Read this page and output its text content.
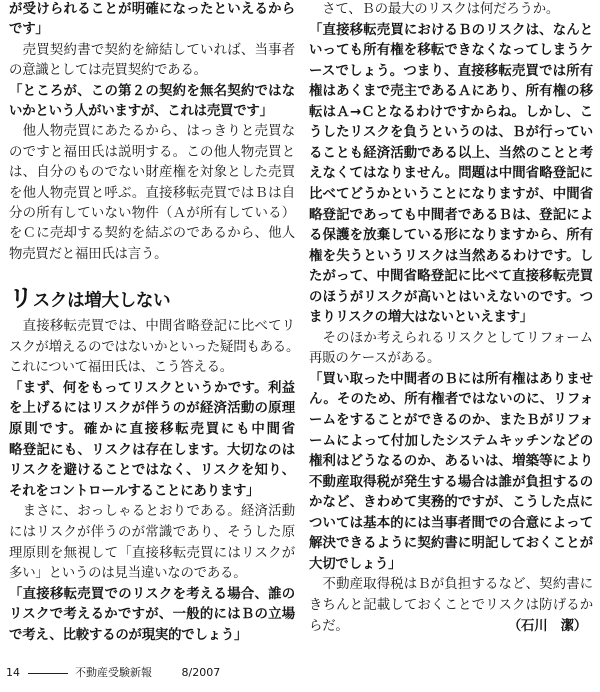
が受けられることが明確になったといえるから
です」
　売買契約書で契約を締結していれば、当事者
の意識としては売買契約である。
「ところが、この第２の契約を無名契約ではな
いかという人がいますが、これは売買です」
　他人物売買にあたるから、はっきりと売買な
のですと福田氏は説明する。この他人物売買と
は、自分のものでない財産権を対象とした売買
を他人物売買と呼ぶ。直接移転売買ではＢは自
分の所有していない物件（Ａが所有している）
をＣに売却する契約を結ぶのであるから、他人
物売買だと福田氏は言う。
　直接移転売買では、中間省略登記に比べてリ
スクが増えるのではないかといった疑問もある。
これについて福田氏は、こう答える。
「まず、何をもってリスクというかです。利益
を上げるにはリスクが伴うのが経済活動の原理
原則です。確かに直接移転売買にも中間省
略登記にも、リスクは存在します。大切なのは
リスクを避けることではなく、リスクを知り、
それをコントロールすることにあります」
　まさに、おっしゃるとおりである。経済活動
にはリスクが伴うのが常識であり、そうした原
理原則を無視して「直接移転売買にはリスクが
多い」というのは見当違いなのである。
「直接移転売買でのリスクを考える場合、誰の
リスクで考えるかですが、一般的にはＢの立場
で考え、比較するのが現実的でしょう」
リスクは増大しない
　さて、Ｂの最大のリスクは何だろうか。
「直接移転売買におけるＢのリスクは、なんと
いっても所有権を移転できなくなってしまうケ
ースでしょう。つまり、直接移転売買では所有
権はあくまで売主であるＡにあり、所有権の移
転はＡ→Ｃとなるわけですからね。しかし、こ
うしたリスクを負うというのは、Ｂが行ってい
ることも経済活動である以上、当然のことと考
えなくてはなりません。問題は中間省略登記に
比べてどうかということになりますが、中間省
略登記であっても中間者であるＢは、登記によ
る保護を放棄している形になりますから、所有
権を失うというリスクは当然あるわけです。し
たがって、中間省略登記に比べて直接移転売買
のほうがリスクが高いとはいえないのです。つ
まりリスクの増大はないといえます」
　そのほか考えられるリスクとしてリフォーム
再販のケースがある。
「買い取った中間者のＢには所有権はありませ
ん。そのため、所有権者ではないのに、リフォ
ームをすることができるのか、またＢがリフォ
ームによって付加したシステムキッチンなどの
権利はどうなるのか、あるいは、増築等により
不動産取得税が発生する場合は誰が負担するの
かなど、きわめて実務的ですが、こうした点に
ついては基本的には当事者間での合意によって
解決できるように契約書に明記しておくことが
大切でしょう」
　不動産取得税はＢが負担するなど、契約書に
きちんと記載しておくことでリスクは防げるか
らだ。	（石川　潔）
14	不動産受験新報	8/2007
